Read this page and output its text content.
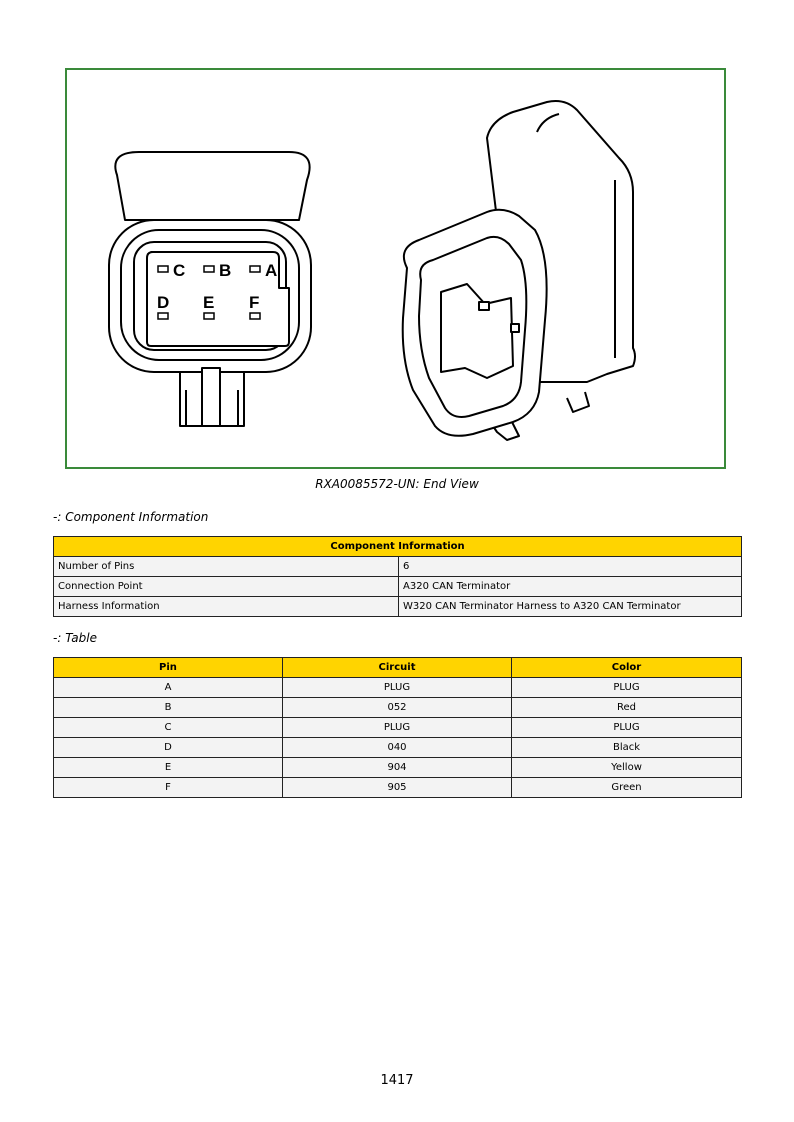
C B A
D E F
RXA0085572-UN: End View
-: Component Information
Component Information	
Number of Pins	6
Connection Point	A320 CAN Terminator
Harness Information	W320 CAN Terminator Harness to A320 CAN Terminator
-: Table
Pin	Circuit	Color
A	PLUG	PLUG
B	052	Red
C	PLUG	PLUG
D	040	Black
E	904	Yellow
F	905	Green
1417
